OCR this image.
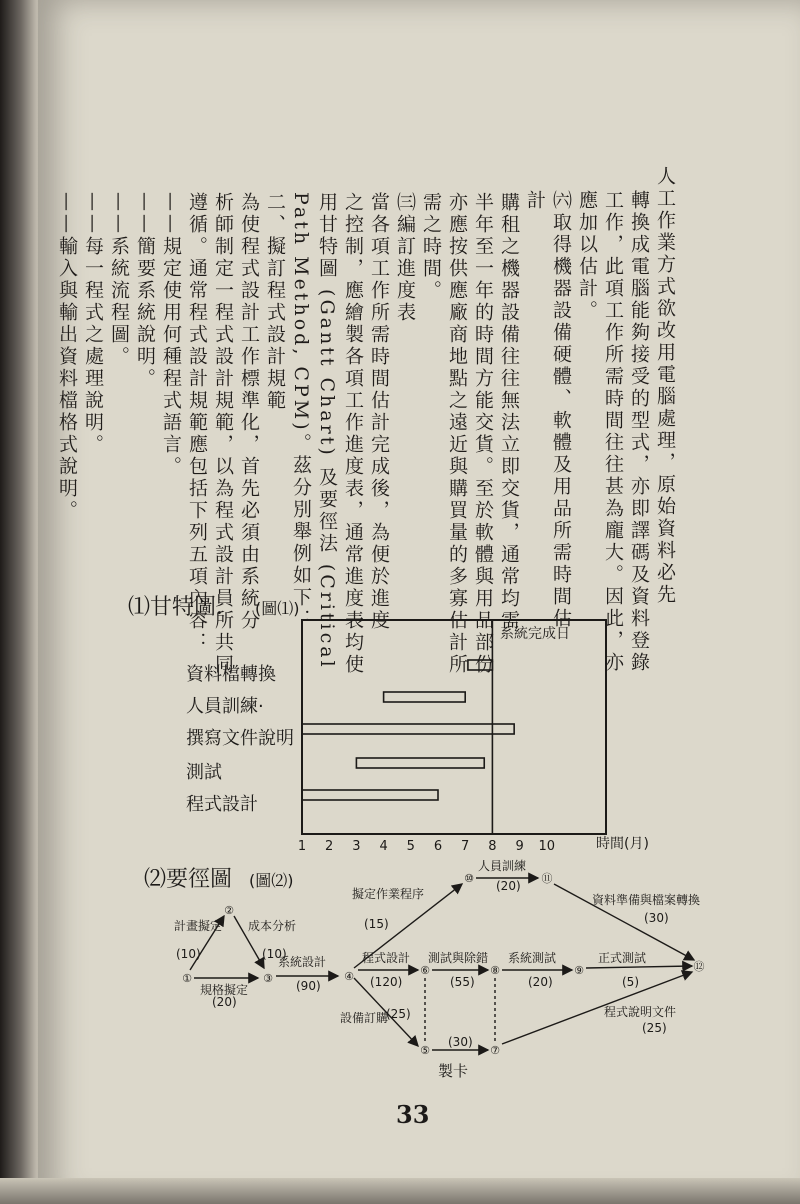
人工作業方式欲改用電腦處理，原始資料必先
轉換成電腦能夠接受的型式，亦即譯碼及資料登錄
工作，此項工作所需時間往往甚為龐大。因此，亦
應加以估計。
㈥取得機器設備硬體、軟體及用品所需時間估
計
購租之機器設備往往無法立即交貨，通常均需
半年至一年的時間方能交貨。至於軟體與用品部份
亦應按供應廠商地點之遠近與購買量的多寡估計所
需之時間。
㈢編訂進度表
當各項工作所需時間估計完成後，為便於進度
之控制，應繪製各項工作進度表，通常進度表均使
用甘特圖 (Gantt Chart) 及要徑法 (Critical
Path Method, CPM)。茲分別舉例如下：
二、擬訂程式設計規範
為使程式設計工作標準化，首先必須由系統分
析師制定一程式設計規範，以為程式設計員所共同
遵循。通常程式設計規範應包括下列五項內容：
——規定使用何種程式語言。
——簡要系統說明。
——系統流程圖。
——每一程式之處理說明。
——輸入與輸出資料檔格式說明。
⑴甘特圖． (圖⑴)
1 2 3 4 5 6 7 8 9 10
系統完成日
時間(月)
資料檔轉換
人員訓練·
撰寫文件說明
測試
程式設計
⑵要徑圖 (圖⑵)
①
②
③	④
⑤
⑥
⑦
⑧	⑨
⑩	⑪
⑫
計畫擬定
(10)
成本分析
(10)
規格擬定
(20)
系統設計
(90)
擬定作業程序
(15)
人員訓練
(20)
資料準備與檔案轉換
(30)
程式設計
(120)
測試與除錯
(55)
系統測試
(20)
正式測試
(5)
設備訂購
(25)	程式說明文件
(25)
製卡
(30)
33
